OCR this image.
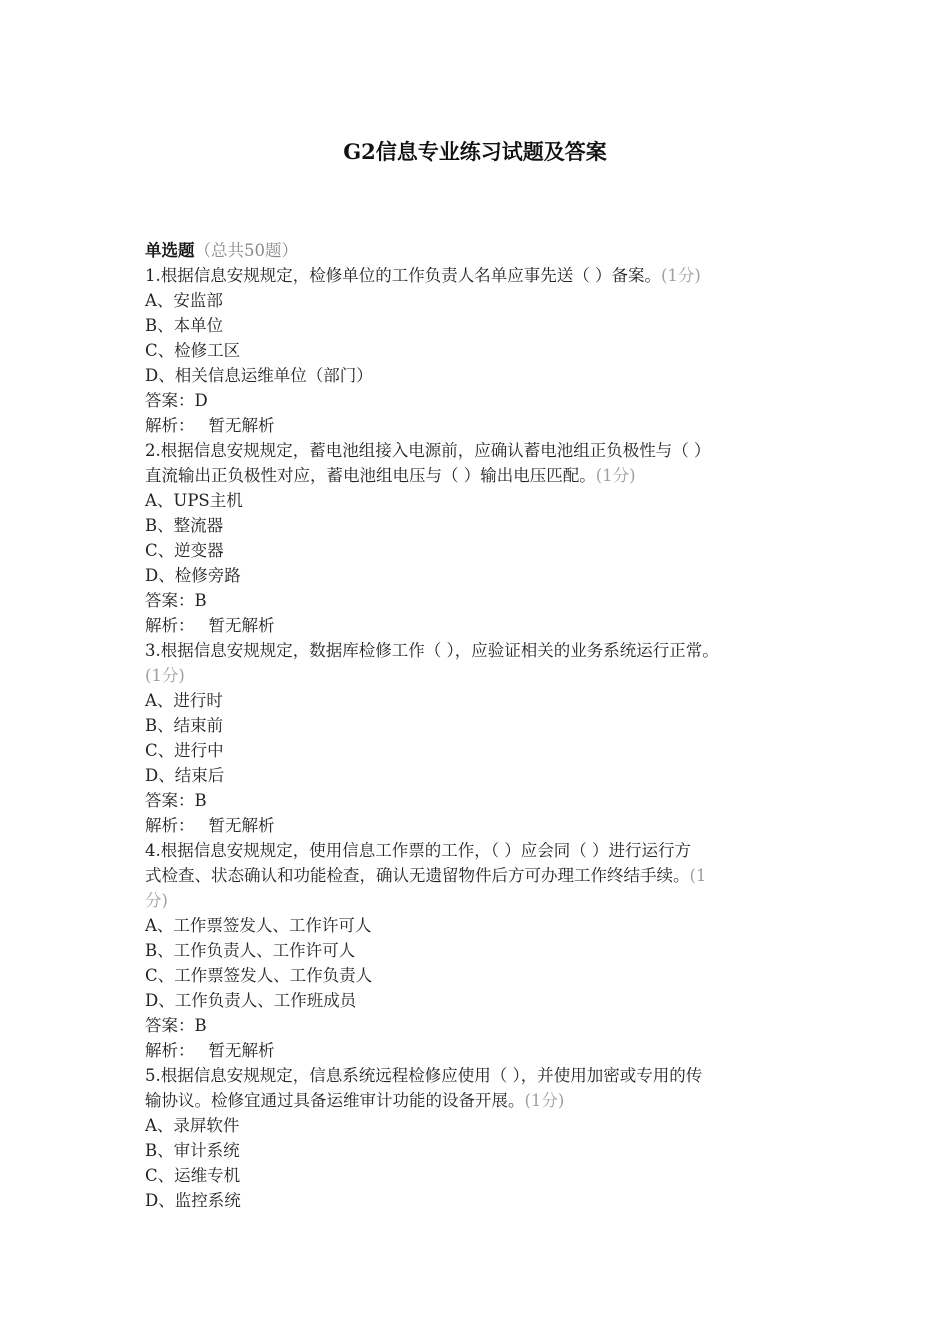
G2信息专业练习试题及答案
单选题（总共50题）
1.根据信息安规规定，检修单位的工作负责人名单应事先送（ ）备案。(1分)
A、安监部
B、本单位
C、检修工区
D、相关信息运维单位（部门）
答案：D
解析： 暂无解析
2.根据信息安规规定，蓄电池组接入电源前，应确认蓄电池组正负极性与（ ）
直流输出正负极性对应，蓄电池组电压与（ ）输出电压匹配。(1分)
A、UPS主机
B、整流器
C、逆变器
D、检修旁路
答案：B
解析： 暂无解析
3.根据信息安规规定，数据库检修工作（ ），应验证相关的业务系统运行正常。
(1分)
A、进行时
B、结束前
C、进行中
D、结束后
答案：B
解析： 暂无解析
4.根据信息安规规定，使用信息工作票的工作，（ ）应会同（ ）进行运行方
式检查、状态确认和功能检查，确认无遗留物件后方可办理工作终结手续。(1
分)
A、工作票签发人、工作许可人
B、工作负责人、工作许可人
C、工作票签发人、工作负责人
D、工作负责人、工作班成员
答案：B
解析： 暂无解析
5.根据信息安规规定，信息系统远程检修应使用（ ），并使用加密或专用的传
输协议。检修宜通过具备运维审计功能的设备开展。(1分)
A、录屏软件
B、审计系统
C、运维专机
D、监控系统
